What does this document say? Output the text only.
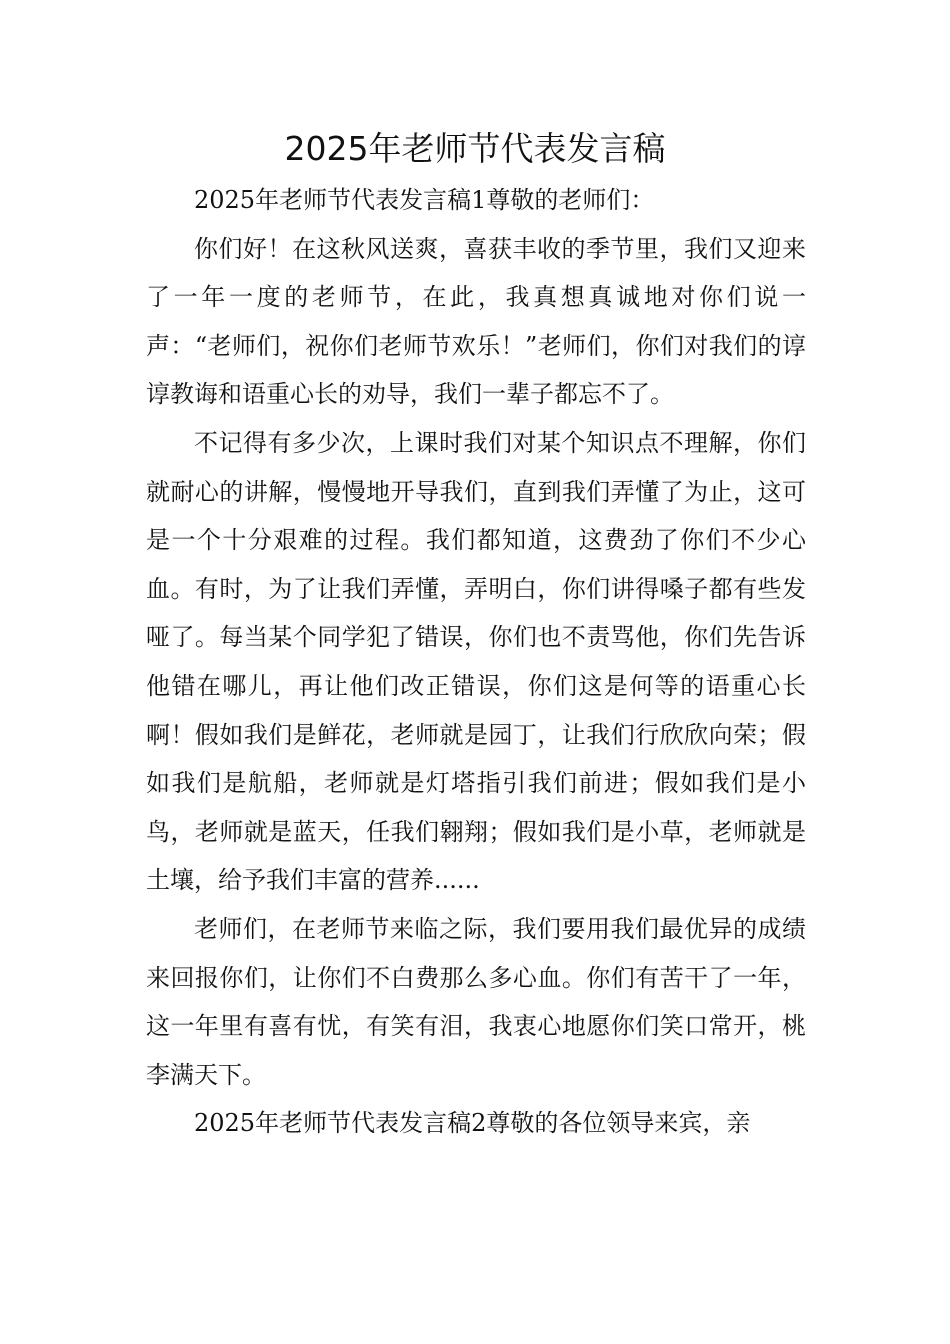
2025年老师节代表发言稿

2025年老师节代表发言稿1尊敬的老师们：

你们好！在这秋风送爽，喜获丰收的季节里，我们又迎来了一年一度的老师节，在此，我真想真诚地对你们说一声：“老师们，祝你们老师节欢乐！”老师们，你们对我们的谆谆教诲和语重心长的劝导，我们一辈子都忘不了。

不记得有多少次，上课时我们对某个知识点不理解，你们就耐心的讲解，慢慢地开导我们，直到我们弄懂了为止，这可是一个十分艰难的过程。我们都知道，这费劲了你们不少心血。有时，为了让我们弄懂，弄明白，你们讲得嗓子都有些发哑了。每当某个同学犯了错误，你们也不责骂他，你们先告诉他错在哪儿，再让他们改正错误，你们这是何等的语重心长啊！假如我们是鲜花，老师就是园丁，让我们行欣欣向荣；假如我们是航船，老师就是灯塔指引我们前进；假如我们是小鸟，老师就是蓝天，任我们翱翔；假如我们是小草，老师就是土壤，给予我们丰富的营养......

老师们，在老师节来临之际，我们要用我们最优异的成绩来回报你们，让你们不白费那么多心血。你们有苦干了一年，这一年里有喜有忧，有笑有泪，我衷心地愿你们笑口常开，桃李满天下。

2025年老师节代表发言稿2尊敬的各位领导来宾，亲
